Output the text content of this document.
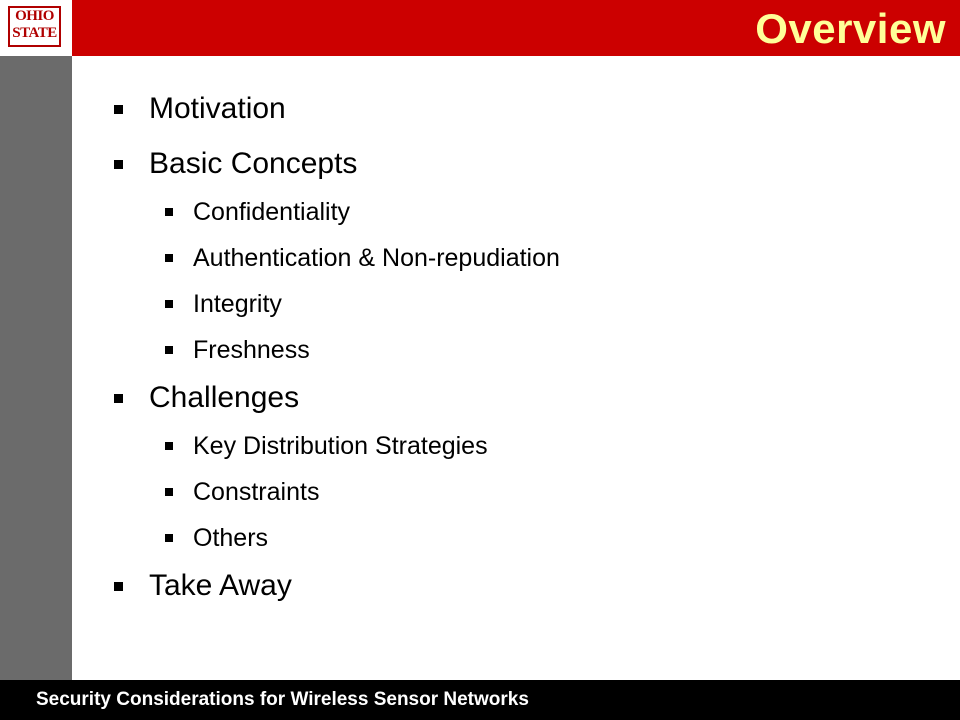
Overview
OHIO
STATE
Motivation
Basic Concepts
Confidentiality
Authentication & Non-repudiation
Integrity
Freshness
Challenges
Key Distribution Strategies
Constraints
Others
Take Away
Security Considerations for Wireless Sensor Networks
